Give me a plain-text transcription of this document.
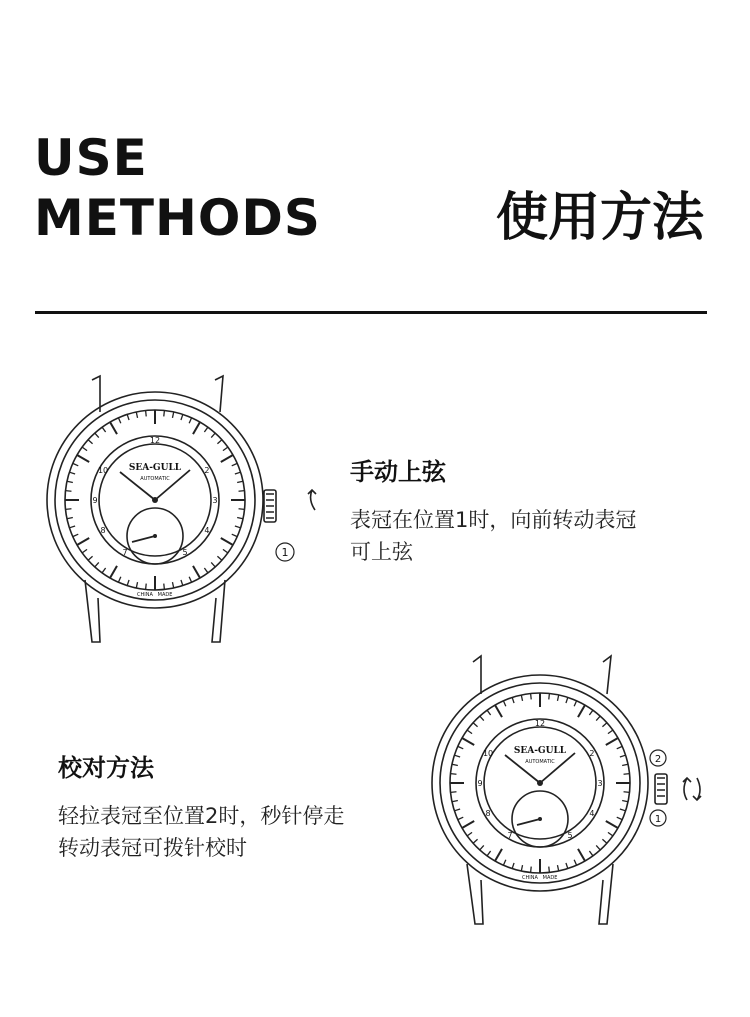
USE
METHODS	使用方法
SEA-GULL
AUTOMATIC
CHINA MADE
12
2
3
4
5
7
8
9
10
1
手动上弦
表冠在位置1时，向前转动表冠
可上弦
SEA-GULL
AUTOMATIC
CHINA MADE
12
2
3
4
5
7
8
9
10
2
1
校对方法
轻拉表冠至位置2时，秒针停走
转动表冠可拨针校时
